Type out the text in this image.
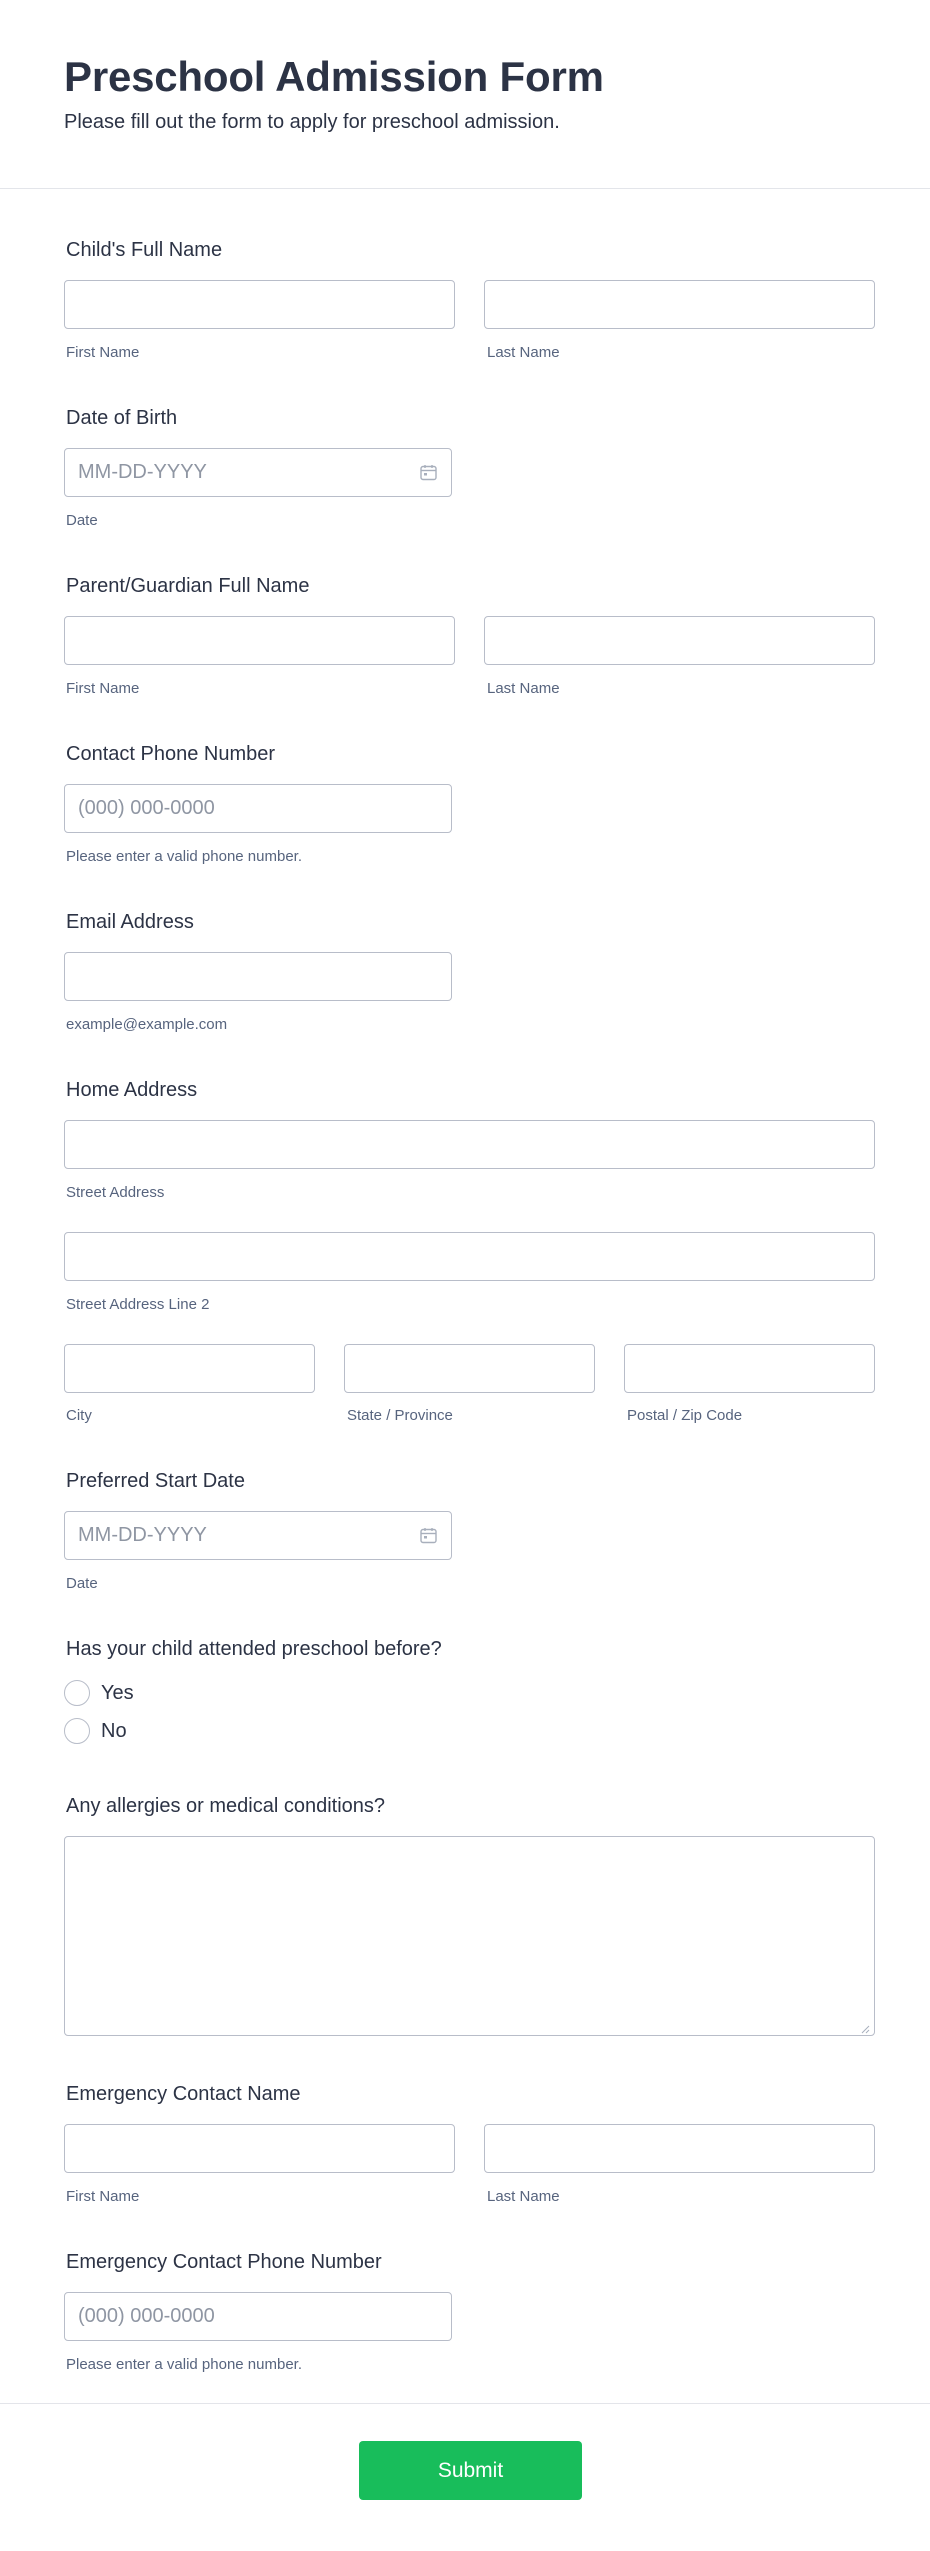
Preschool Admission Form

Please fill out the form to apply for preschool admission.

Child's Full Name
First Name	Last Name
Date of Birth
MM-DD-YYYY
Date
Parent/Guardian Full Name
First Name	Last Name
Contact Phone Number
(000) 000-0000
Please enter a valid phone number.
Email Address
example@example.com
Home Address
Street Address
Street Address Line 2
City	State / Province	Postal / Zip Code
Preferred Start Date
MM-DD-YYYY
Date
Has your child attended preschool before?
Yes
No
Any allergies or medical conditions?
Emergency Contact Name
First Name	Last Name
Emergency Contact Phone Number
(000) 000-0000
Please enter a valid phone number.
Submit
